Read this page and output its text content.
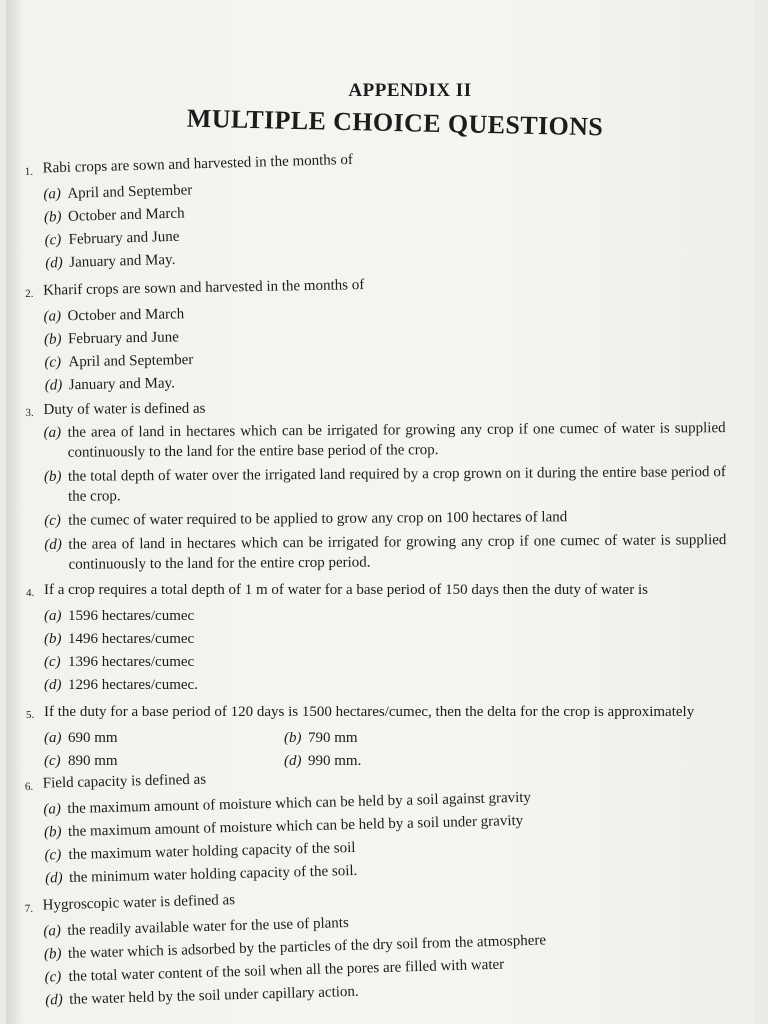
APPENDIX II
MULTIPLE CHOICE QUESTIONS
1. Rabi crops are sown and harvested in the months of
(a) April and September
(b) October and March
(c) February and June
(d) January and May.
2. Kharif crops are sown and harvested in the months of
(a) October and March
(b) February and June
(c) April and September
(d) January and May.
3. Duty of water is defined as
(a) the area of land in hectares which can be irrigated for growing any crop if one cumec of water is supplied continuously to the land for the entire base period of the crop.
(b) the total depth of water over the irrigated land required by a crop grown on it during the entire base period of the crop.
(c) the cumec of water required to be applied to grow any crop on 100 hectares of land
(d) the area of land in hectares which can be irrigated for growing any crop if one cumec of water is supplied continuously to the land for the entire crop period.
4. If a crop requires a total depth of 1 m of water for a base period of 150 days then the duty of water is
(a) 1596 hectares/cumec
(b) 1496 hectares/cumec
(c) 1396 hectares/cumec
(d) 1296 hectares/cumec.
5. If the duty for a base period of 120 days is 1500 hectares/cumec, then the delta for the crop is approximately
(a) 690 mm	(b) 790 mm
(c) 890 mm	(d) 990 mm.
6. Field capacity is defined as
(a) the maximum amount of moisture which can be held by a soil against gravity
(b) the maximum amount of moisture which can be held by a soil under gravity
(c) the maximum water holding capacity of the soil
(d) the minimum water holding capacity of the soil.
7. Hygroscopic water is defined as
(a) the readily available water for the use of plants
(b) the water which is adsorbed by the particles of the dry soil from the atmosphere
(c) the total water content of the soil when all the pores are filled with water
(d) the water held by the soil under capillary action.
